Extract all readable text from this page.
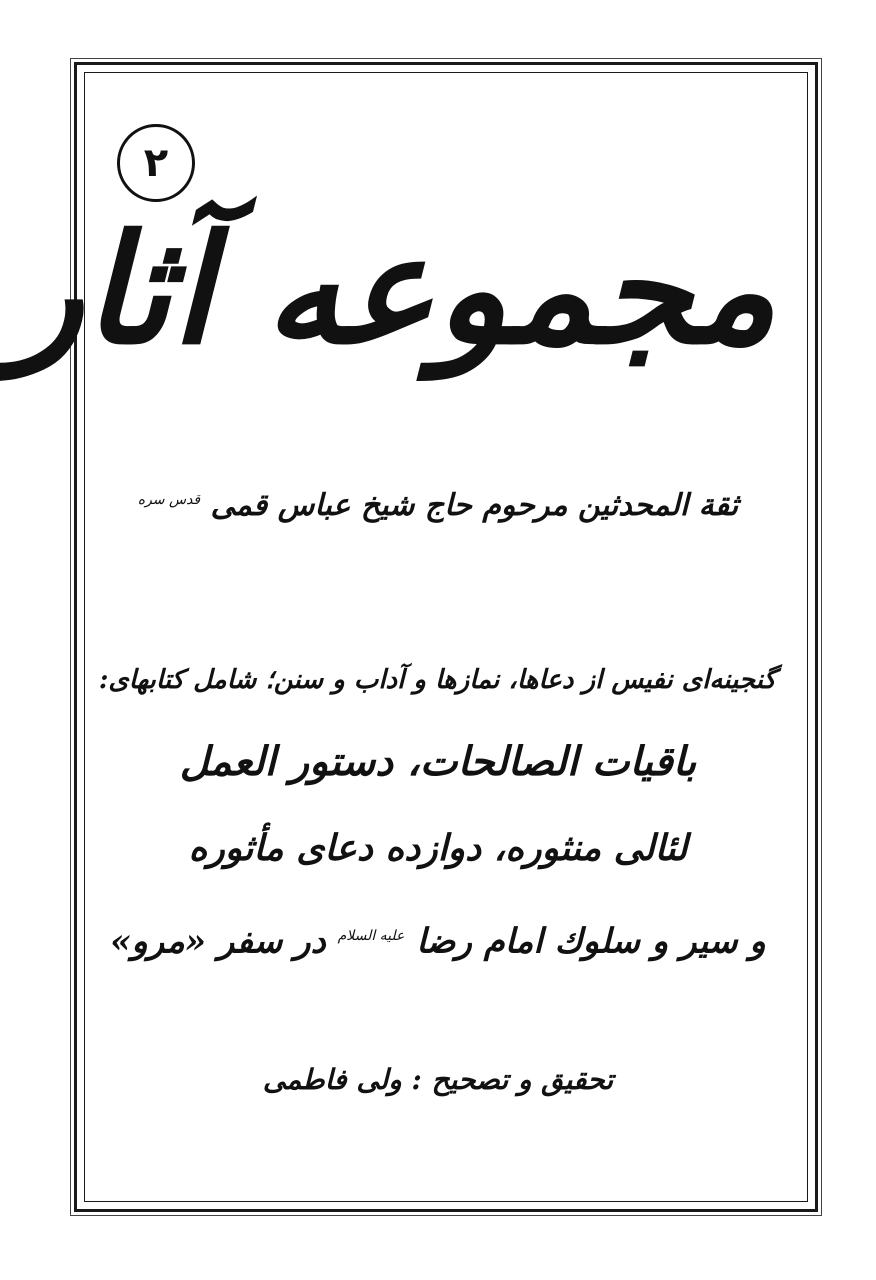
٢
مجموعه آثار
ثقة المحدثين مرحوم حاج شيخ عباس قمى $^{قدس سره}$
گنجينه‌اى نفيس از دعاها، نمازها و آداب و سنن؛ شامل كتابهاى:
باقيات الصالحات، دستور العمل
لئالى منثوره، دوازده دعاى مأثوره
و سير و سلوك امام رضا $^{عليه السلام}$ در سفر «مرو»
تحقيق و تصحيح : ولى فاطمى
